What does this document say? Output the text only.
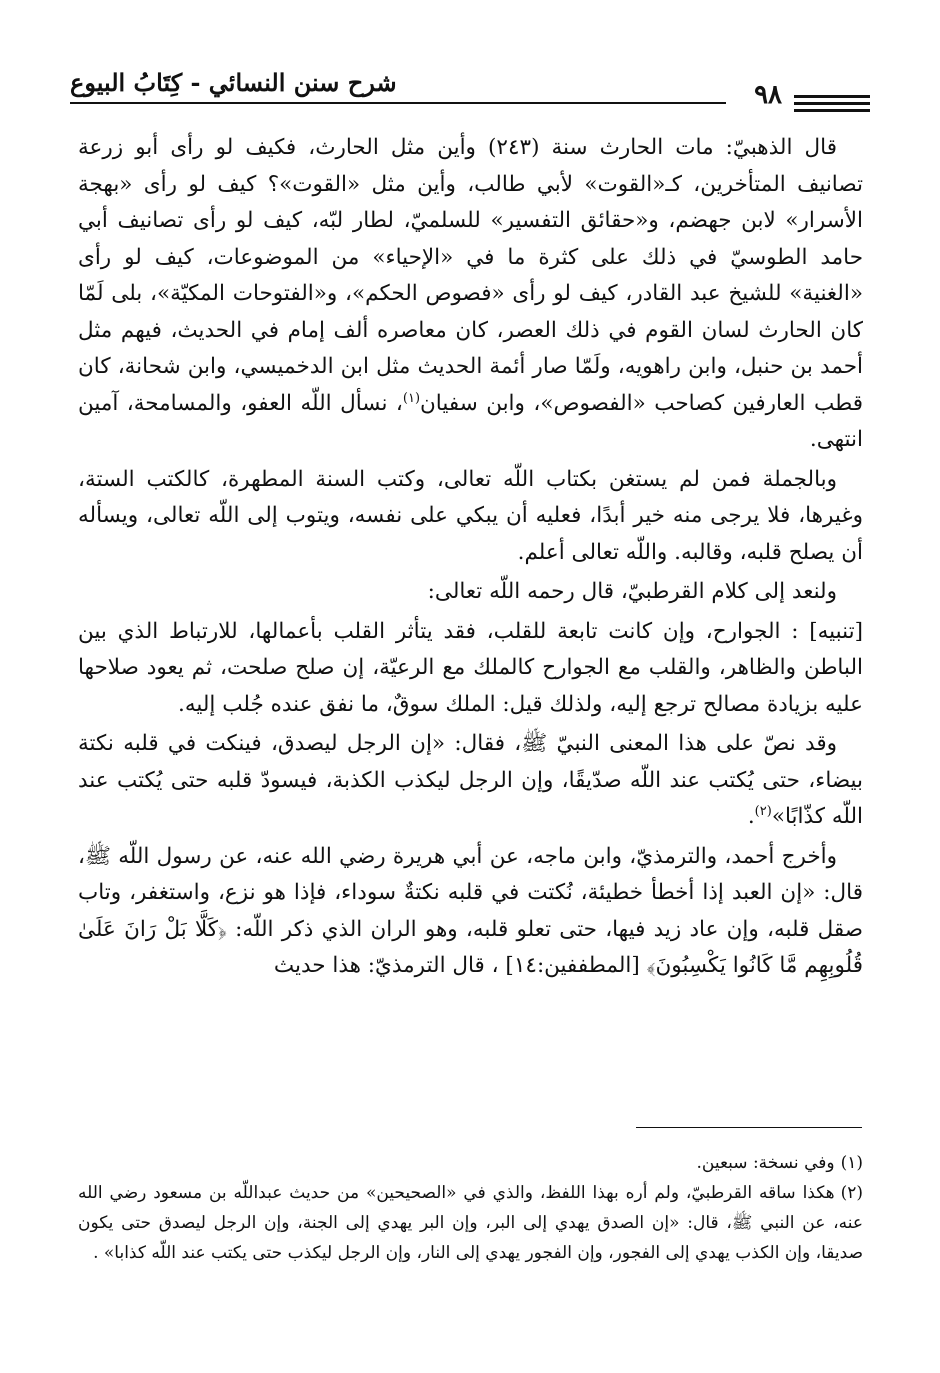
شرح سنن النسائي - كِتَابُ البيوع	٩٨

قال الذهبيّ: مات الحارث سنة (٢٤٣) وأين مثل الحارث، فكيف لو رأى أبو زرعة تصانيف المتأخرين، كـ«القوت» لأبي طالب، وأين مثل «القوت»؟ كيف لو رأى «بهجة الأسرار» لابن جهضم، و«حقائق التفسير» للسلميّ، لطار لبّه، كيف لو رأى تصانيف أبي حامد الطوسيّ في ذلك على كثرة ما في «الإحياء» من الموضوعات، كيف لو رأى «الغنية» للشيخ عبد القادر، كيف لو رأى «فصوص الحكم»، و«الفتوحات المكيّة»، بلى لَمّا كان الحارث لسان القوم في ذلك العصر، كان معاصره ألف إمام في الحديث، فيهم مثل أحمد بن حنبل، وابن راهويه، ولَمّا صار أئمة الحديث مثل ابن الدخميسي، وابن شحانة، كان قطب العارفين كصاحب «الفصوص»، وابن سفيان$^{(١)}$، نسأل اللّه العفو، والمسامحة، آمين انتهى.

وبالجملة فمن لم يستغن بكتاب اللّه تعالى، وكتب السنة المطهرة، كالكتب الستة، وغيرها، فلا يرجى منه خير أبدًا، فعليه أن يبكي على نفسه، ويتوب إلى اللّه تعالى، ويسأله أن يصلح قلبه، وقالبه. واللّه تعالى أعلم.

ولنعد إلى كلام القرطبيّ، قال رحمه اللّه تعالى:

[تنبيه] : الجوارح، وإن كانت تابعة للقلب، فقد يتأثر القلب بأعمالها، للارتباط الذي بين الباطن والظاهر، والقلب مع الجوارح كالملك مع الرعيّة، إن صلح صلحت، ثم يعود صلاحها عليه بزيادة مصالح ترجع إليه، ولذلك قيل: الملك سوقٌ، ما نفق عنده جُلب إليه.

وقد نصّ على هذا المعنى النبيّ ﷺ، فقال: «إن الرجل ليصدق، فينكت في قلبه نكتة بيضاء، حتى يُكتب عند اللّه صدّيقًا، وإن الرجل ليكذب الكذبة، فيسودّ قلبه حتى يُكتب عند اللّه كذّابًا»$^{(٢)}$.

وأخرج أحمد، والترمذيّ، وابن ماجه، عن أبي هريرة رضي الله عنه، عن رسول اللّه ﷺ، قال: «إن العبد إذا أخطأ خطيئة، نُكتت في قلبه نكتةٌ سوداء، فإذا هو نزع، واستغفر، وتاب صقل قلبه، وإن عاد زيد فيها، حتى تعلو قلبه، وهو الران الذي ذكر اللّه: ﴿كَلَّا بَلْ رَانَ عَلَىٰ قُلُوبِهِم مَّا كَانُوا يَكْسِبُونَ﴾ [المطففين:١٤] ، قال الترمذيّ: هذا حديث

(١)وفي نسخة: سبعين.

(٢)هكذا ساقه القرطبيّ، ولم أره بهذا اللفظ، والذي في «الصحيحين» من حديث عبداللّه بن مسعود رضي الله عنه، عن النبي ﷺ، قال: «إن الصدق يهدي إلى البر، وإن البر يهدي إلى الجنة، وإن الرجل ليصدق حتى يكون صديقا، وإن الكذب يهدي إلى الفجور، وإن الفجور يهدي إلى النار، وإن الرجل ليكذب حتى يكتب عند اللّه كذابا» .
